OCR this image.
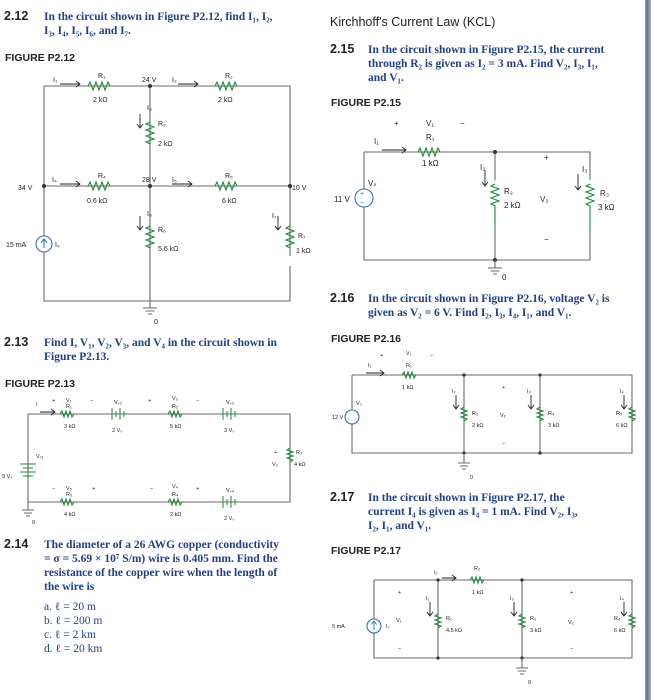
2.12 In the circuit shown in Figure P2.12, find I₁, I₂,
I₃, I₄, I₅, I₆, and I₇.
FIGURE P2.12
I₁
R₁
2 kΩ
24 V I₂
R₂
2 kΩ
I₃
R₃
2 kΩ
34 V
I₄
R₄
0.6 kΩ
28 V I₅
R₅
6 kΩ
10 V
I₆
R₆
5.6 kΩ
I₇
R₇
1 kΩ
15 mA	Iₛ
0
2.13 Find I, V₁, V₂, V₃, and V₄ in the circuit shown in
Figure P2.13.
FIGURE P2.13
I
+ V₁	−
R₁
3 kΩ
Vₛ₂
2 Vₛ
+	V₂	−
R₂
5 kΩ
Vₛ₃
3 Vₛ
Vₛ₁
9 Vₛ
+
V₃
R₃
4 kΩ
− V₅	+
R₅
4 kΩ
−	V₄	+
R₄
2 kΩ
Vₛ₄
2 Vₛ
0
2.14 The diameter of a 26 AWG copper (conductivity
= σ = 5.69 × 10⁷ S/m) wire is 0.405 mm. Find the
resistance of the copper wire when the length of
the wire is
a. ℓ = 20 m
b. ℓ = 200 m
c. ℓ = 2 km
d. ℓ = 20 km
Kirchhoff's Current Law (KCL)
2.15 In the circuit shown in Figure P2.15, the current
through R₂ is given as I₂ = 3 mA. Find V₂, I₃, I₁,
and V₁.
FIGURE P2.15
+
−
+	V₁	−
R₁
1 kΩ
I₁
I₂	I₃
11 V
Vₛ
R₂
2 kΩ
+
V₂
−
R₃
3 kΩ
0
2.16 In the circuit shown in Figure P2.16, voltage V₂ is
given as V₂ = 6 V. Find I₂, I₃, I₄, I₁, and V₁.
FIGURE P2.16
+	V₁	−
R₁
1 kΩ
I₁
12 V
Vₛ
I₂
R₃
2 kΩ
+
V₂
−
I₃
R₄
3 kΩ
I₄
R₅
6 kΩ
0
2.17 In the circuit shown in Figure P2.17, the
current I₄ is given as I₄ = 1 mA. Find V₂, I₃,
I₂, I₁, and V₁.
FIGURE P2.17
I₂
R₂
1 kΩ
5 mA	Iₛ
+
V₁
−
I₁
R₁
4.5 kΩ
I₃
R₃
3 kΩ
+
V₂
−
I₄
R₄
6 kΩ
0
